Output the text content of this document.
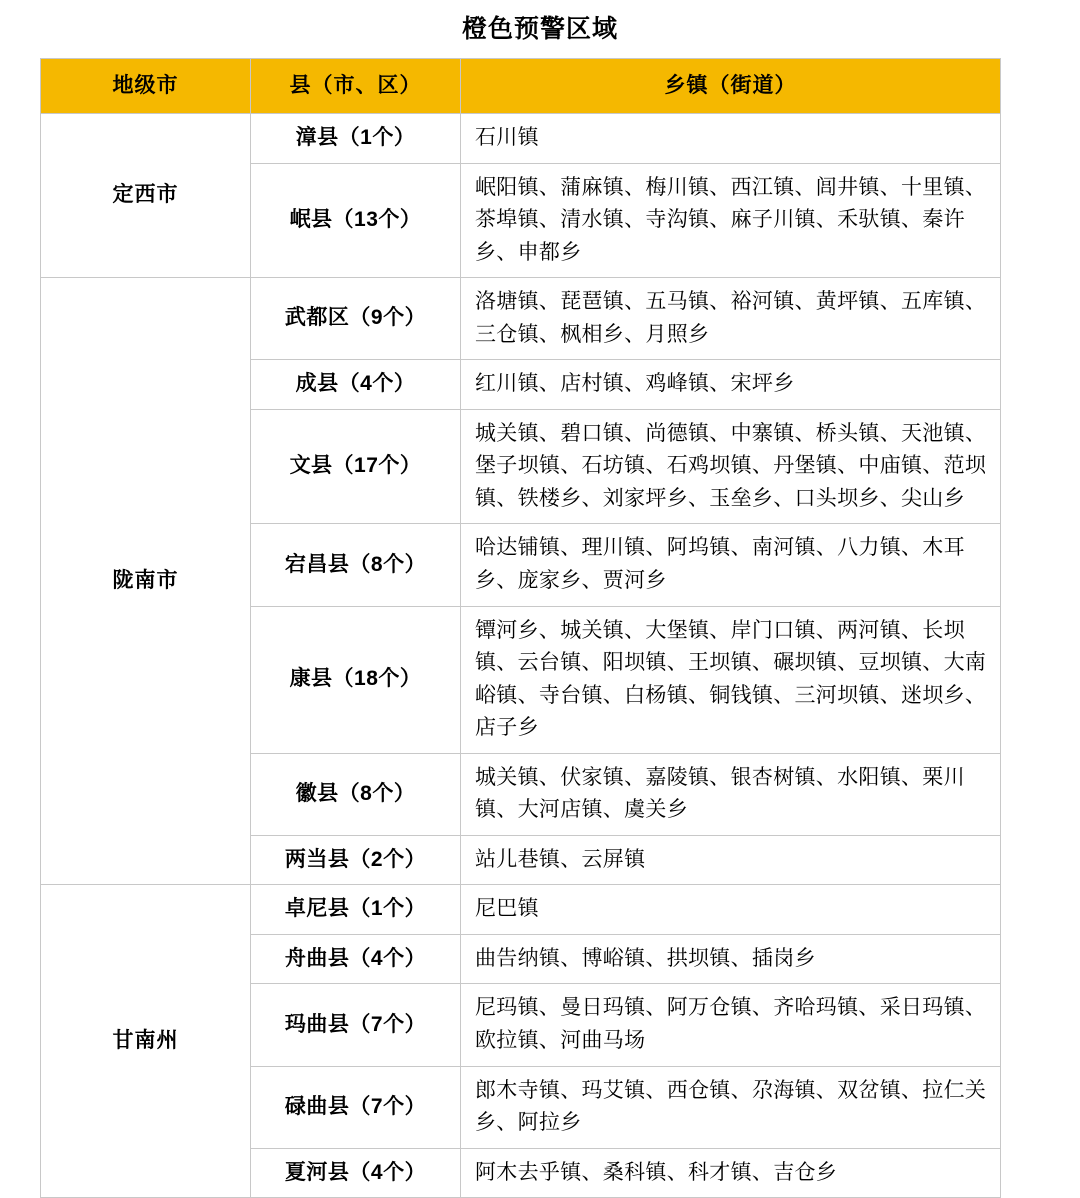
橙色预警区域
地级市	县（市、区）	乡镇（街道）
定西市	漳县（1个）	石川镇
	岷县（13个）	岷阳镇、蒲麻镇、梅川镇、西江镇、闾井镇、十里镇、茶埠镇、清水镇、寺沟镇、麻子川镇、禾驮镇、秦许乡、申都乡
陇南市	武都区（9个）	洛塘镇、琵琶镇、五马镇、裕河镇、黄坪镇、五库镇、三仓镇、枫相乡、月照乡
	成县（4个）	红川镇、店村镇、鸡峰镇、宋坪乡
	文县（17个）	城关镇、碧口镇、尚德镇、中寨镇、桥头镇、天池镇、堡子坝镇、石坊镇、石鸡坝镇、丹堡镇、中庙镇、范坝镇、铁楼乡、刘家坪乡、玉垒乡、口头坝乡、尖山乡
	宕昌县（8个）	哈达铺镇、理川镇、阿坞镇、南河镇、八力镇、木耳乡、庞家乡、贾河乡
	康县（18个）	镡河乡、城关镇、大堡镇、岸门口镇、两河镇、长坝镇、云台镇、阳坝镇、王坝镇、碾坝镇、豆坝镇、大南峪镇、寺台镇、白杨镇、铜钱镇、三河坝镇、迷坝乡、店子乡
	徽县（8个）	城关镇、伏家镇、嘉陵镇、银杏树镇、水阳镇、栗川镇、大河店镇、虞关乡
	两当县（2个）	站儿巷镇、云屏镇
甘南州	卓尼县（1个）	尼巴镇
	舟曲县（4个）	曲告纳镇、博峪镇、拱坝镇、插岗乡
	玛曲县（7个）	尼玛镇、曼日玛镇、阿万仓镇、齐哈玛镇、采日玛镇、欧拉镇、河曲马场
	碌曲县（7个）	郎木寺镇、玛艾镇、西仓镇、尕海镇、双岔镇、拉仁关乡、阿拉乡
	夏河县（4个）	阿木去乎镇、桑科镇、科才镇、吉仓乡
